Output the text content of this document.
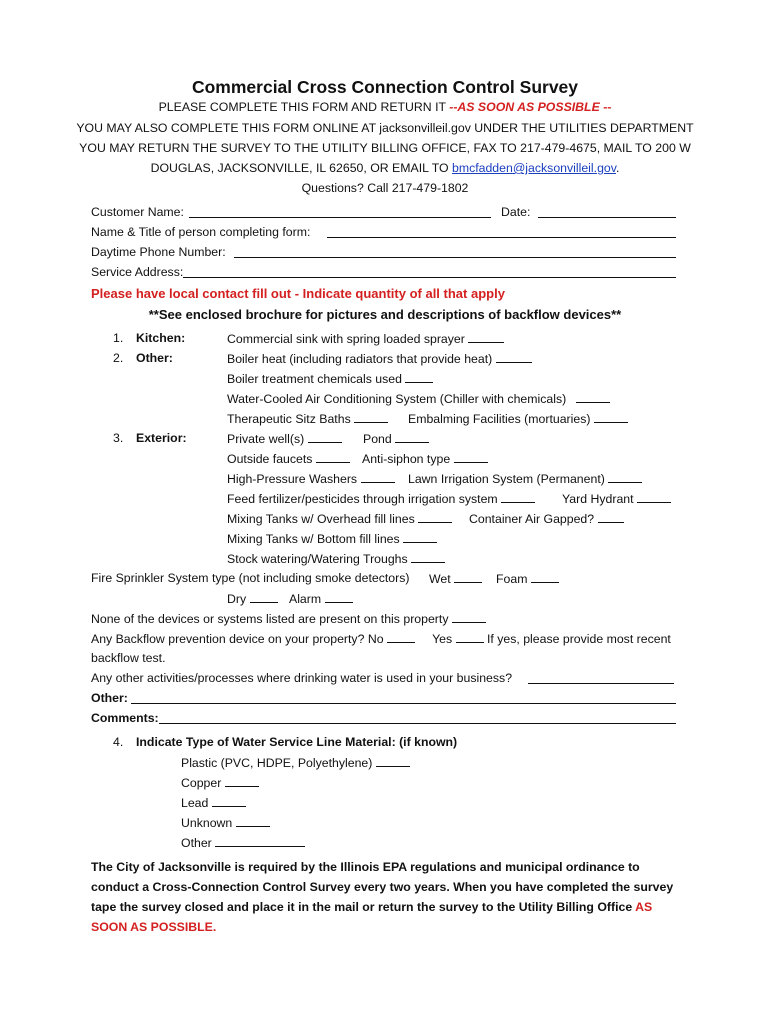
Commercial Cross Connection Control Survey
PLEASE COMPLETE THIS FORM AND RETURN IT --AS SOON AS POSSIBLE --
YOU MAY ALSO COMPLETE THIS FORM ONLINE AT jacksonvilleil.gov UNDER THE UTILITIES DEPARTMENT
YOU MAY RETURN THE SURVEY TO THE UTILITY BILLING OFFICE, FAX TO 217-479-4675, MAIL TO 200 W
DOUGLAS, JACKSONVILLE, IL 62650, OR EMAIL TO bmcfadden@jacksonvilleil.gov.
Questions? Call 217-479-1802
Customer Name:	Date:
Name & Title of person completing form:
Daytime Phone Number:
Service Address:
Please have local contact fill out - Indicate quantity of all that apply
**See enclosed brochure for pictures and descriptions of backflow devices**
1. Kitchen:	Commercial sink with spring loaded sprayer
2. Other:	Boiler heat (including radiators that provide heat)
Boiler treatment chemicals used
Water-Cooled Air Conditioning System (Chiller with chemicals)
Therapeutic Sitz Baths	Embalming Facilities (mortuaries)
3. Exterior:	Private well(s)	Pond
Outside faucets	Anti-siphon type
High-Pressure Washers	Lawn Irrigation System (Permanent)
Feed fertilizer/pesticides through irrigation system	Yard Hydrant
Mixing Tanks w/ Overhead fill lines	Container Air Gapped?
Mixing Tanks w/ Bottom fill lines
Stock watering/Watering Troughs
Fire Sprinkler System type (not including smoke detectors) Wet	Foam
Dry	Alarm
None of the devices or systems listed are present on this property
Any Backflow prevention device on your property? No	Yes	If yes, please provide most recent
backflow test.
Any other activities/processes where drinking water is used in your business?
Other:
Comments:
4. Indicate Type of Water Service Line Material: (if known)
Plastic (PVC, HDPE, Polyethylene)
Copper
Lead
Unknown
Other
The City of Jacksonville is required by the Illinois EPA regulations and municipal ordinance to conduct a Cross-Connection Control Survey every two years. When you have completed the survey tape the survey closed and place it in the mail or return the survey to the Utility Billing Office AS SOON AS POSSIBLE.
